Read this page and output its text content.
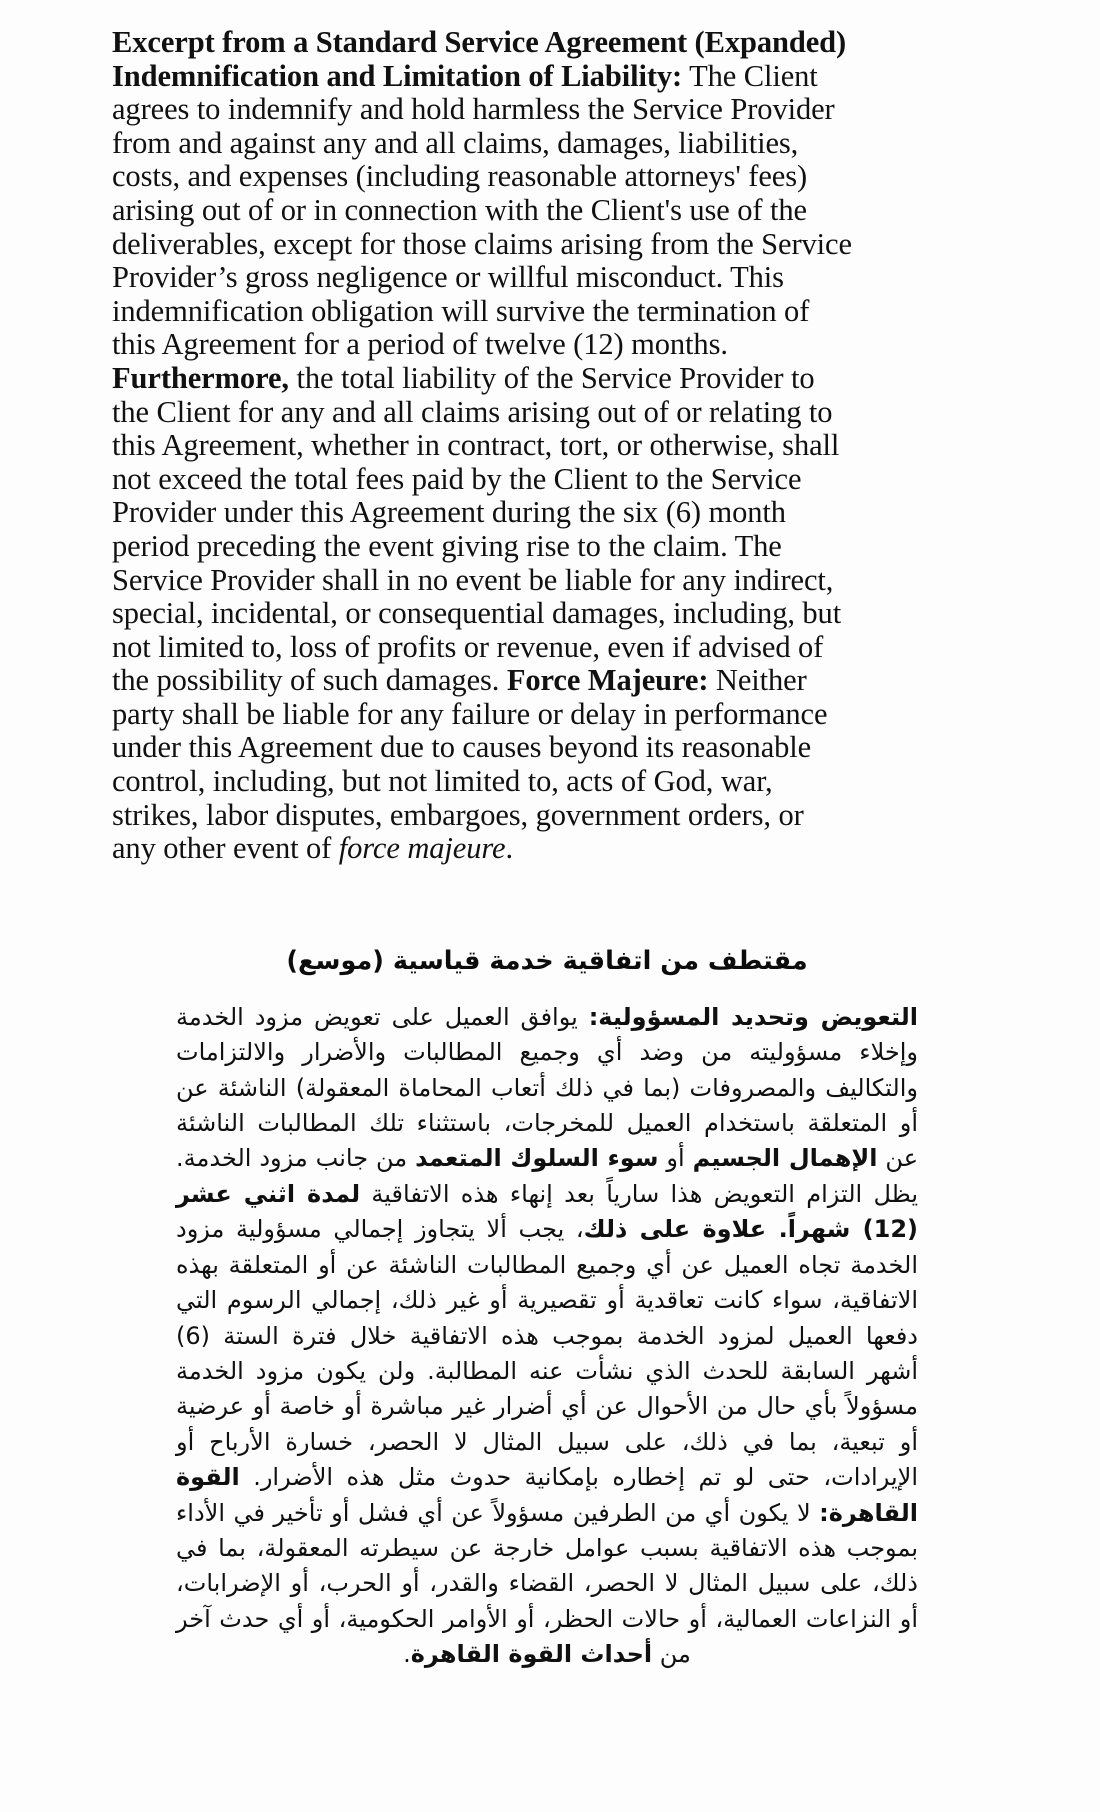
Excerpt from a Standard Service Agreement (Expanded) Indemnification and Limitation of Liability: The Client agrees to indemnify and hold harmless the Service Provider from and against any and all claims, damages, liabilities, costs, and expenses (including reasonable attorneys' fees) arising out of or in connection with the Client's use of the deliverables, except for those claims arising from the Service Provider’s gross negligence or willful misconduct. This indemnification obligation will survive the termination of this Agreement for a period of twelve (12) months. Furthermore, the total liability of the Service Provider to the Client for any and all claims arising out of or relating to this Agreement, whether in contract, tort, or otherwise, shall not exceed the total fees paid by the Client to the Service Provider under this Agreement during the six (6) month period preceding the event giving rise to the claim. The Service Provider shall in no event be liable for any indirect, special, incidental, or consequential damages, including, but not limited to, loss of profits or revenue, even if advised of the possibility of such damages. Force Majeure: Neither party shall be liable for any failure or delay in performance under this Agreement due to causes beyond its reasonable control, including, but not limited to, acts of God, war, strikes, labor disputes, embargoes, government orders, or any other event of force majeure.
مقتطف من اتفاقية خدمة قياسية (موسع)
التعويض وتحديد المسؤولية: يوافق العميل على تعويض مزود الخدمة وإخلاء مسؤوليته من وضد أي وجميع المطالبات والأضرار والالتزامات والتكاليف والمصروفات (بما في ذلك أتعاب المحاماة المعقولة) الناشئة عن أو المتعلقة باستخدام العميل للمخرجات، باستثناء تلك المطالبات الناشئة عن الإهمال الجسيم أو سوء السلوك المتعمد من جانب مزود الخدمة. يظل التزام التعويض هذا سارياً بعد إنهاء هذه الاتفاقية لمدة اثني عشر (12) شهراً. علاوة على ذلك، يجب ألا يتجاوز إجمالي مسؤولية مزود الخدمة تجاه العميل عن أي وجميع المطالبات الناشئة عن أو المتعلقة بهذه الاتفاقية، سواء كانت تعاقدية أو تقصيرية أو غير ذلك، إجمالي الرسوم التي دفعها العميل لمزود الخدمة بموجب هذه الاتفاقية خلال فترة الستة (6) أشهر السابقة للحدث الذي نشأت عنه المطالبة. ولن يكون مزود الخدمة مسؤولاً بأي حال من الأحوال عن أي أضرار غير مباشرة أو خاصة أو عرضية أو تبعية، بما في ذلك، على سبيل المثال لا الحصر، خسارة الأرباح أو الإيرادات، حتى لو تم إخطاره بإمكانية حدوث مثل هذه الأضرار. القوة القاهرة: لا يكون أي من الطرفين مسؤولاً عن أي فشل أو تأخير في الأداء بموجب هذه الاتفاقية بسبب عوامل خارجة عن سيطرته المعقولة، بما في ذلك، على سبيل المثال لا الحصر، القضاء والقدر، أو الحرب، أو الإضرابات، أو النزاعات العمالية، أو حالات الحظر، أو الأوامر الحكومية، أو أي حدث آخر من أحداث القوة القاهرة.
